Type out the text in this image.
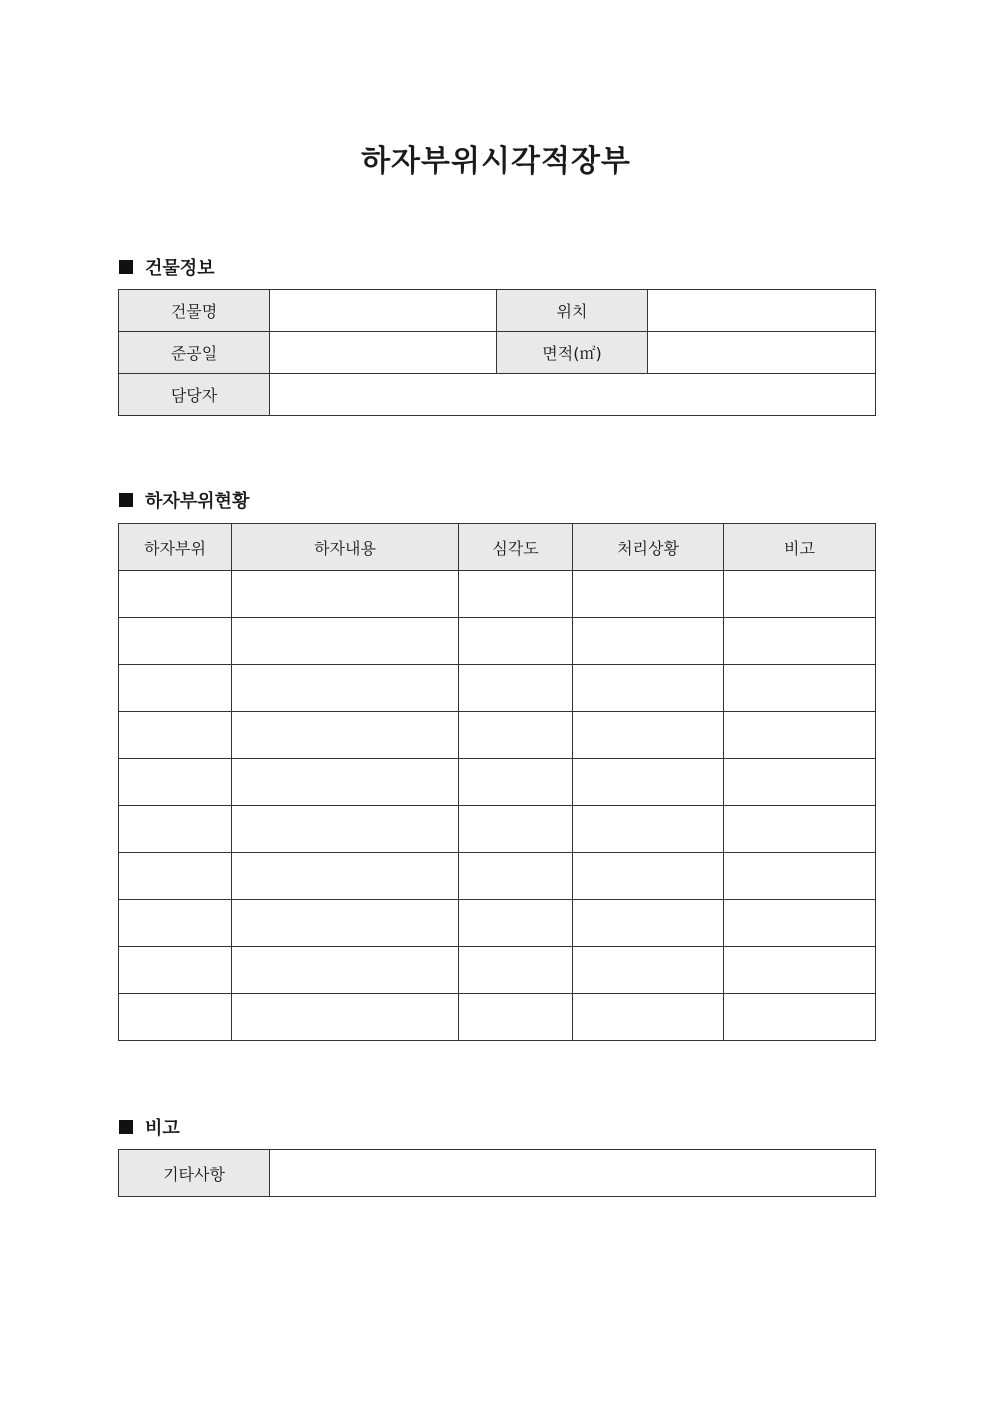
하자부위시각적장부
건물정보
건물명		위치	
준공일		면적(㎡)	
담당자			
하자부위현황
하자부위	하자내용	심각도	처리상황	비고

비고
기타사항	
